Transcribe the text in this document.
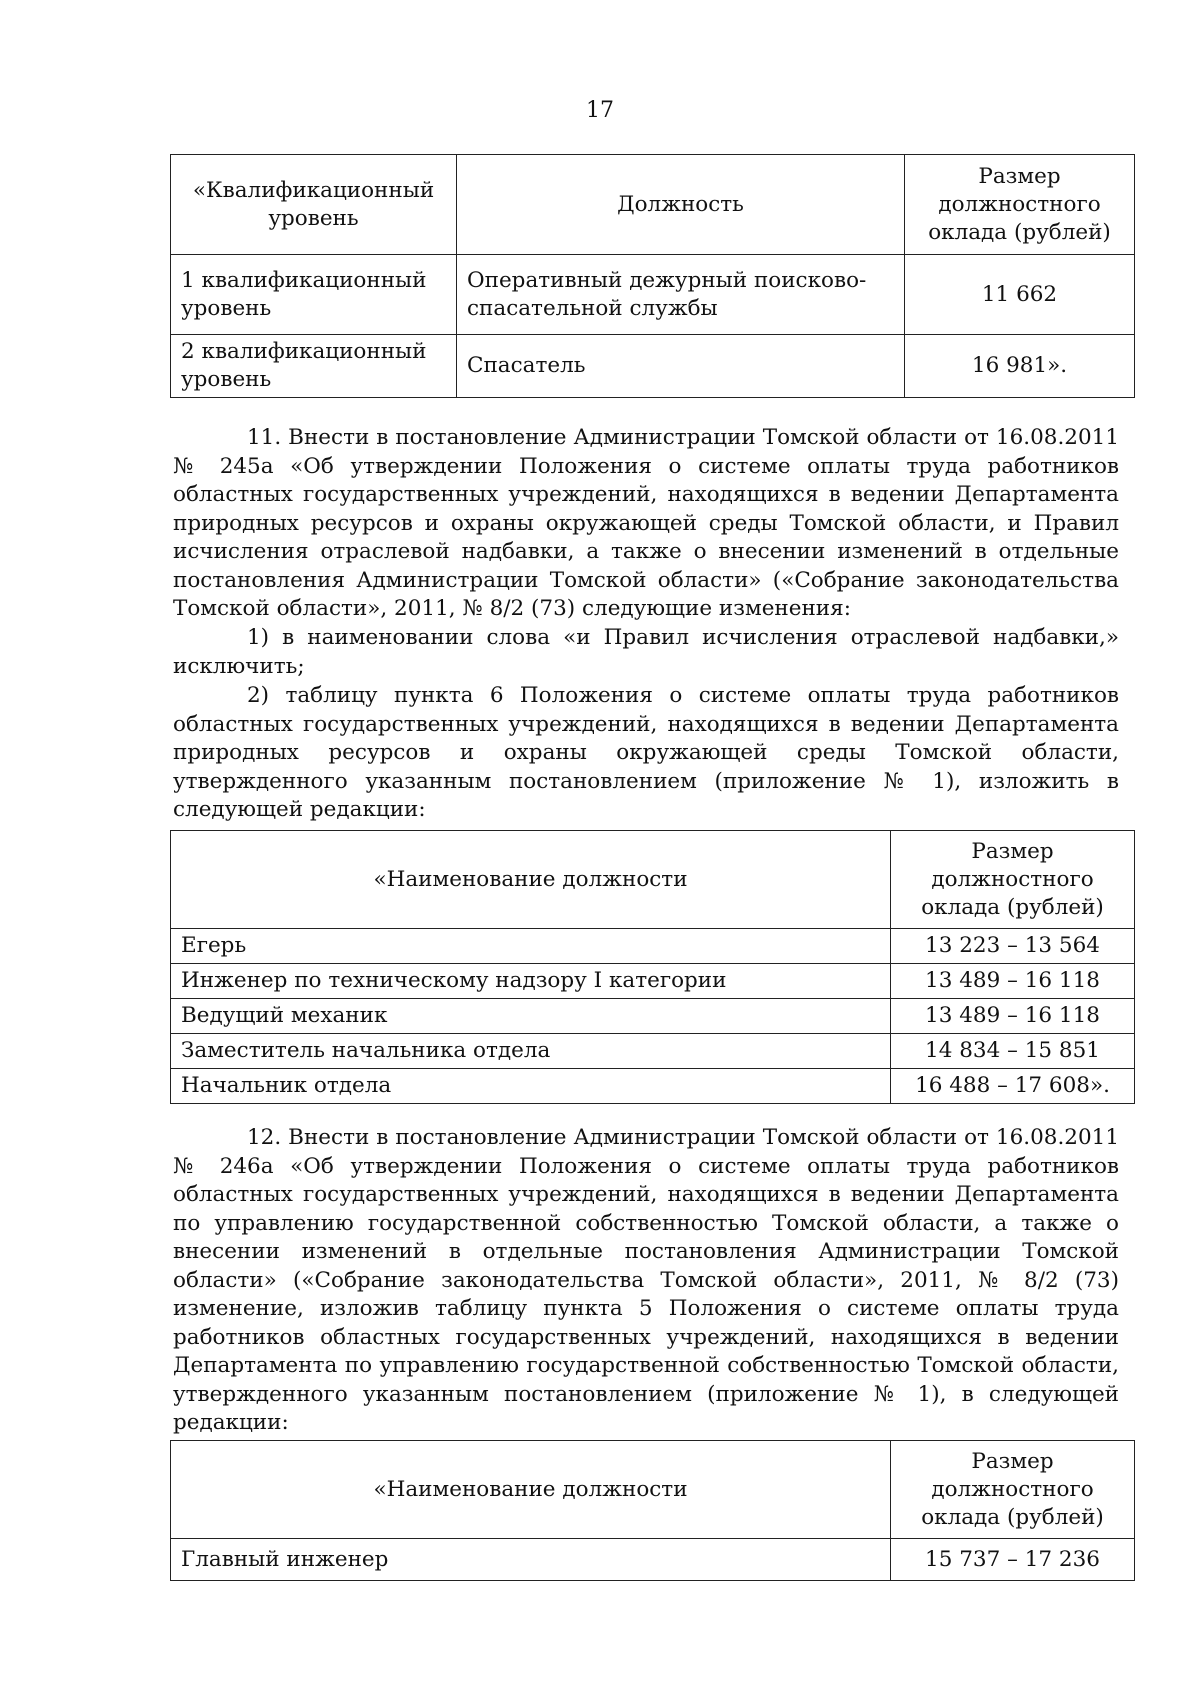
17
«Квалификационный уровень	Должность	Размер должностного оклада (рублей)
1 квалификационный уровень	Оперативный дежурный поисково-спасательной службы	11 662
2 квалификационный уровень	Спасатель	16 981».

11. Внести в постановление Администрации Томской области от 16.08.2011 № 245а «Об утверждении Положения о системе оплаты труда работников областных государственных учреждений, находящихся в ведении Департамента природных ресурсов и охраны окружающей среды Томской области, и Правил исчисления отраслевой надбавки, а также о внесении изменений в отдельные постановления Администрации Томской области» («Собрание законодательства Томской области», 2011, № 8/2 (73) следующие изменения:

1) в наименовании слова «и Правил исчисления отраслевой надбавки,» исключить;

2) таблицу пункта 6 Положения о системе оплаты труда работников областных государственных учреждений, находящихся в ведении Департамента природных ресурсов и охраны окружающей среды Томской области, утвержденного указанным постановлением (приложение № 1), изложить в следующей редакции:

«Наименование должности	Размер должностного оклада (рублей)
Егерь	13 223 – 13 564
Инженер по техническому надзору I категории	13 489 – 16 118
Ведущий механик	13 489 – 16 118
Заместитель начальника отдела	14 834 – 15 851
Начальник отдела	16 488 – 17 608».

12. Внести в постановление Администрации Томской области от 16.08.2011 № 246а «Об утверждении Положения о системе оплаты труда работников областных государственных учреждений, находящихся в ведении Департамента по управлению государственной собственностью Томской области, а также о внесении изменений в отдельные постановления Администрации Томской области» («Собрание законодательства Томской области», 2011, № 8/2 (73) изменение, изложив таблицу пункта 5 Положения о системе оплаты труда работников областных государственных учреждений, находящихся в ведении Департамента по управлению государственной собственностью Томской области, утвержденного указанным постановлением (приложение № 1), в следующей редакции:

«Наименование должности	Размер должностного оклада (рублей)
Главный инженер	15 737 – 17 236
